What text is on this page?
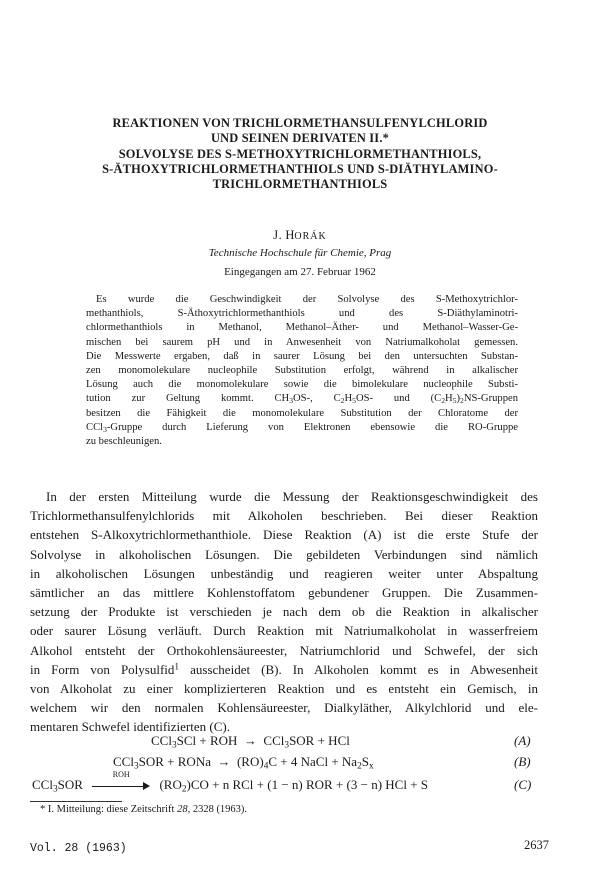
REAKTIONEN VON TRICHLORMETHANSULFENYLCHLORID
UND SEINEN DERIVATEN II.*
SOLVOLYSE DES S-METHOXYTRICHLORMETHANTHIOLS,
S-ÄTHOXYTRICHLORMETHANTHIOLS UND S-DIÄTHYLAMINO-
TRICHLORMETHANTHIOLS
J. HORÁK
Technische Hochschule für Chemie, Prag
Eingegangen am 27. Februar 1962
Es wurde die Geschwindigkeit der Solvolyse des S-Methoxytrichlor-
methanthiols, S-Äthoxytrichlormethanthiols und des S-Diäthylaminotri-
chlormethanthiols in Methanol, Methanol–Äther- und Methanol–Wasser-Ge-
mischen bei saurem pH und in Anwesenheit von Natriumalkoholat gemessen.
Die Messwerte ergaben, daß in saurer Lösung bei den untersuchten Substan-
zen monomolekulare nucleophile Substitution erfolgt, während in alkalischer
Lösung auch die monomolekulare sowie die bimolekulare nucleophile Substi-
tution zur Geltung kommt. $CH_3OS-$, $C_2H_5OS-$ und $(C_2H_5)_2NS$-Gruppen
besitzen die Fähigkeit die monomolekulare Substitution der Chloratome der
CCl$_3$-Gruppe durch Lieferung von Elektronen ebensowie die RO-Gruppe
zu beschleunigen.
In der ersten Mitteilung wurde die Messung der Reaktionsgeschwindigkeit des
Trichlormethansulfenylchlorids mit Alkoholen beschrieben. Bei dieser Reaktion
entstehen S-Alkoxytrichlormethanthiole. Diese Reaktion (A) ist die erste Stufe der
Solvolyse in alkoholischen Lösungen. Die gebildeten Verbindungen sind nämlich
in alkoholischen Lösungen unbeständig und reagieren weiter unter Abspaltung
sämtlicher an das mittlere Kohlenstoffatom gebundener Gruppen. Die Zusammen-
setzung der Produkte ist verschieden je nach dem ob die Reaktion in alkalischer
oder saurer Lösung verläuft. Durch Reaktion mit Natriumalkoholat in wasserfreiem
Alkohol entsteht der Orthokohlensäureester, Natriumchlorid und Schwefel, der sich
in Form von Polysulfid$^1$ ausscheidet (B). In Alkoholen kommt es in Abwesenheit
von Alkoholat zu einer komplizierteren Reaktion und es entsteht ein Gemisch, in
welchem wir den normalen Kohlensäureester, Dialkyläther, Alkylchlorid und ele-
mentaren Schwefel identifizierten (C).
CCl$_3$SCl + ROH  →  CCl$_3$SOR + HCl	(A)
CCl$_3$SOR + RONa  →  $(RO)_4C + 4$ NaCl + $Na_2S_x$	(B)
CCl$_3$SOR
ROH
$(RO_2)CO + n$ RCl + (1 − n) ROR + (3 − n) HCl + S	(C)
* I. Mitteilung: diese Zeitschrift 28, 2328 (1963).
Vol. 28 (1963)	2637
